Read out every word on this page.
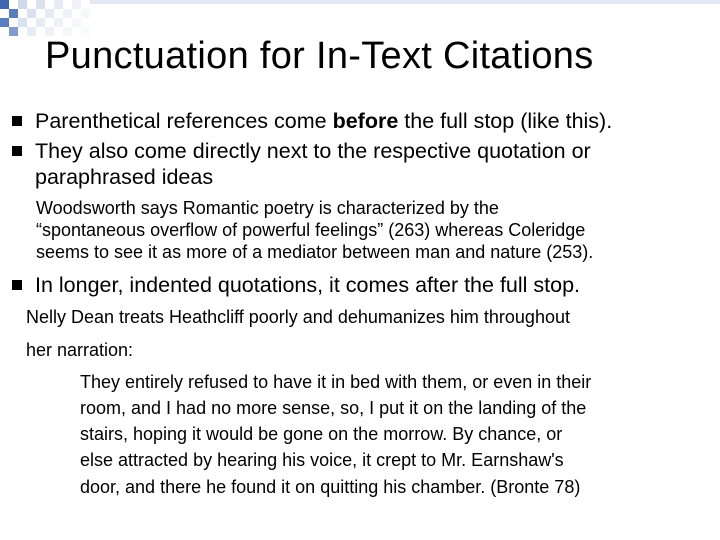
Punctuation for In-Text Citations
Parenthetical references come before the full stop (like this).
They also come directly next to the respective quotation or
paraphrased ideas
Woodsworth says Romantic poetry is characterized by the
“spontaneous overflow of powerful feelings” (263) whereas Coleridge
seems to see it as more of a mediator between man and nature (253).
In longer, indented quotations, it comes after the full stop.
Nelly Dean treats Heathcliff poorly and dehumanizes him throughout
her narration:
They entirely refused to have it in bed with them, or even in their
room, and I had no more sense, so, I put it on the landing of the
stairs, hoping it would be gone on the morrow. By chance, or
else attracted by hearing his voice, it crept to Mr. Earnshaw's
door, and there he found it on quitting his chamber. (Bronte 78)
